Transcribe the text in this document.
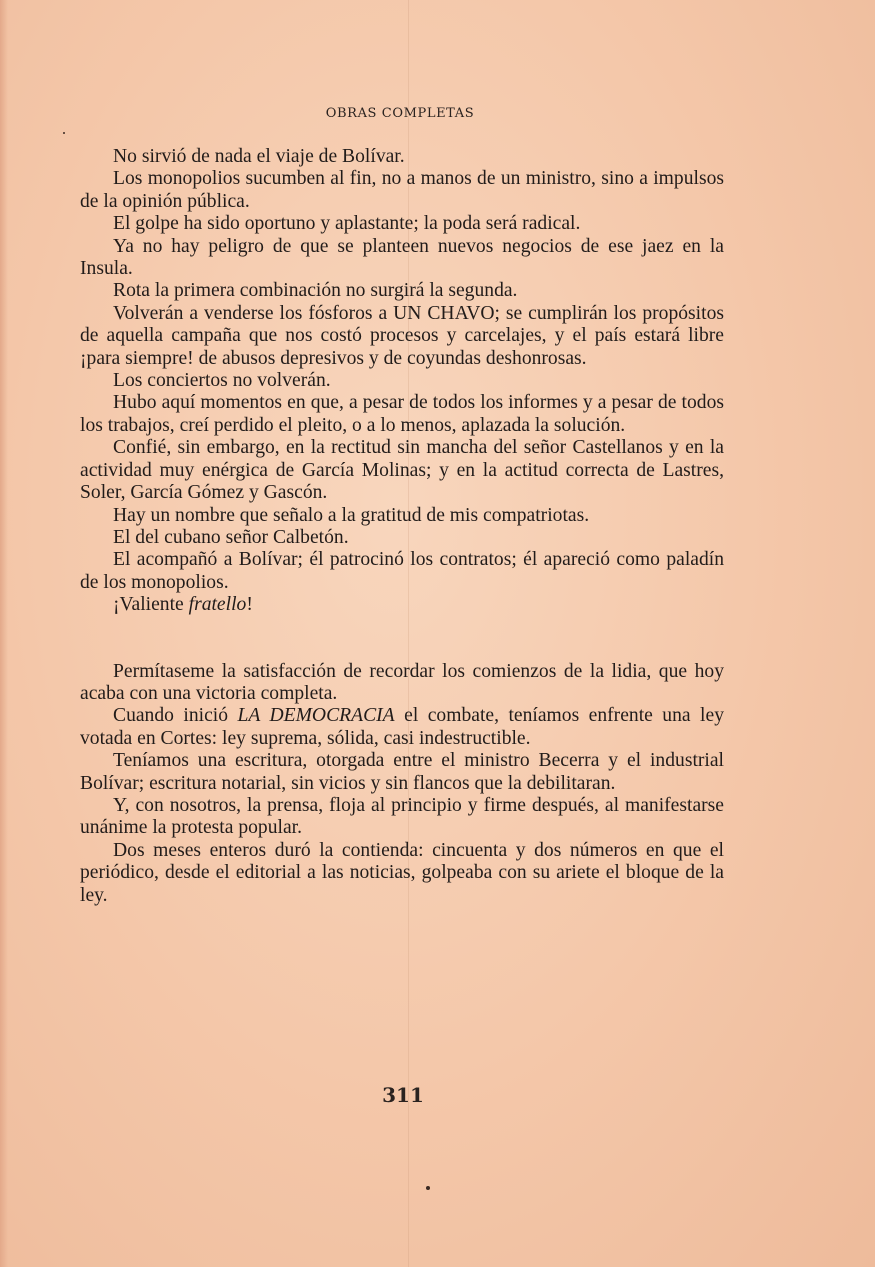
OBRAS COMPLETAS

No sirvió de nada el viaje de Bolívar.

Los monopolios sucumben al fin, no a manos de un ministro, sino a impulsos de la opinión pública.

El golpe ha sido oportuno y aplastante; la poda será radical.

Ya no hay peligro de que se planteen nuevos negocios de ese jaez en la Insula.

Rota la primera combinación no surgirá la segunda.

Volverán a venderse los fósforos a UN CHAVO; se cumplirán los propósitos de aquella campaña que nos costó procesos y carcelajes, y el país estará libre ¡para siempre! de abusos depresivos y de coyundas deshonrosas.

Los conciertos no volverán.

Hubo aquí momentos en que, a pesar de todos los informes y a pesar de todos los trabajos, creí perdido el pleito, o a lo menos, aplazada la solución.

Confié, sin embargo, en la rectitud sin mancha del señor Castellanos y en la actividad muy enérgica de García Molinas; y en la actitud correcta de Lastres, Soler, García Gómez y Gascón.

Hay un nombre que señalo a la gratitud de mis compatriotas.

El del cubano señor Calbetón.

El acompañó a Bolívar; él patrocinó los contratos; él apareció como paladín de los monopolios.

¡Valiente fratello!

Permítaseme la satisfacción de recordar los comienzos de la lidia, que hoy acaba con una victoria completa.

Cuando inició LA DEMOCRACIA el combate, teníamos enfrente una ley votada en Cortes: ley suprema, sólida, casi indestructible.

Teníamos una escritura, otorgada entre el ministro Becerra y el industrial Bolívar; escritura notarial, sin vicios y sin flancos que la debilitaran.

Y, con nosotros, la prensa, floja al principio y firme después, al manifestarse unánime la protesta popular.

Dos meses enteros duró la contienda: cincuenta y dos números en que el periódico, desde el editorial a las noticias, golpeaba con su ariete el bloque de la ley.

311
